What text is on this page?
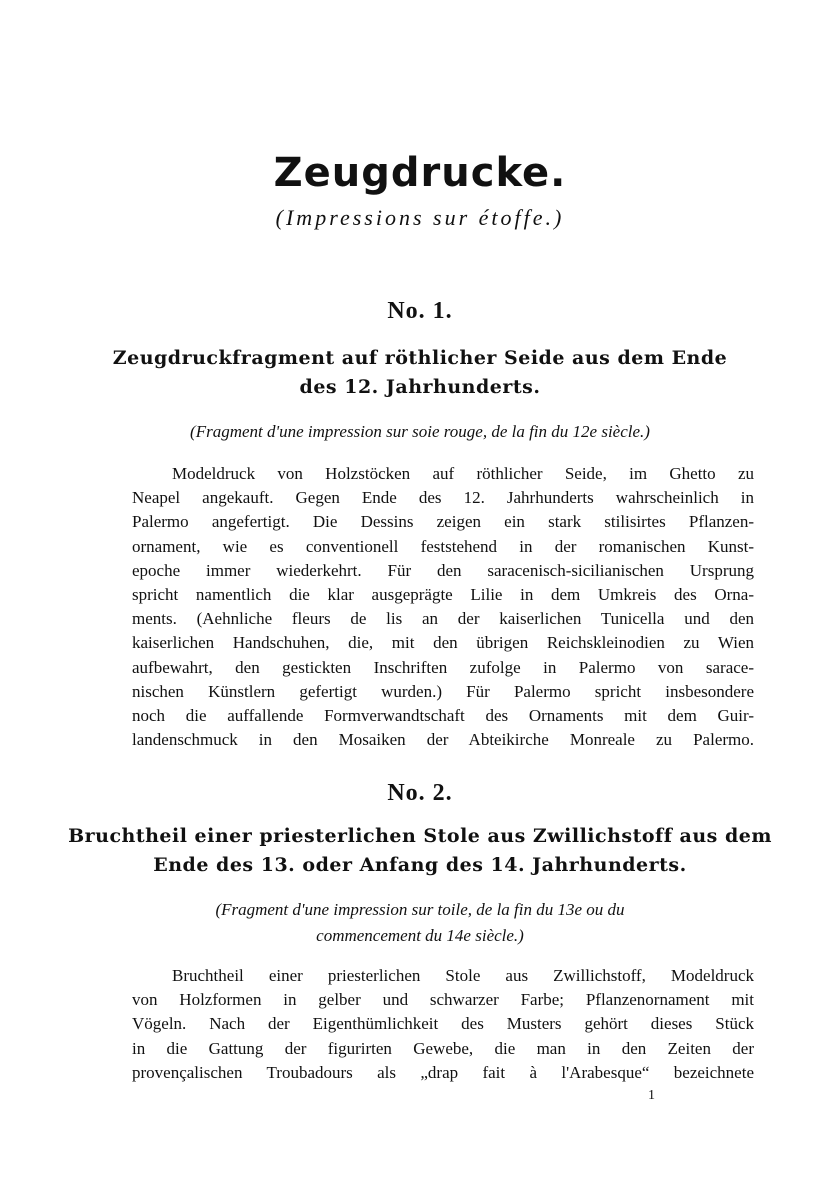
Zeugdrucke.
(Impressions sur étoffe.)
No. 1.
Zeugdruckfragment auf röthlicher Seide aus dem Ende
des 12. Jahrhunderts.
(Fragment d'une impression sur soie rouge, de la fin du 12e siècle.)
Modeldruck von Holzstöcken auf röthlicher Seide, im Ghetto zu
Neapel angekauft. Gegen Ende des 12. Jahrhunderts wahrscheinlich in
Palermo angefertigt. Die Dessins zeigen ein stark stilisirtes Pflanzen-
ornament, wie es conventionell feststehend in der romanischen Kunst-
epoche immer wiederkehrt. Für den saracenisch-sicilianischen Ursprung
spricht namentlich die klar ausgeprägte Lilie in dem Umkreis des Orna-
ments. (Aehnliche fleurs de lis an der kaiserlichen Tunicella und den
kaiserlichen Handschuhen, die, mit den übrigen Reichskleinodien zu Wien
aufbewahrt, den gestickten Inschriften zufolge in Palermo von sarace-
nischen Künstlern gefertigt wurden.) Für Palermo spricht insbesondere
noch die auffallende Formverwandtschaft des Ornaments mit dem Guir-
landenschmuck in den Mosaiken der Abteikirche Monreale zu Palermo.
No. 2.
Bruchtheil einer priesterlichen Stole aus Zwillichstoff aus dem
Ende des 13. oder Anfang des 14. Jahrhunderts.
(Fragment d'une impression sur toile, de la fin du 13e ou du
commencement du 14e siècle.)
Bruchtheil einer priesterlichen Stole aus Zwillichstoff, Modeldruck
von Holzformen in gelber und schwarzer Farbe; Pflanzenornament mit
Vögeln. Nach der Eigenthümlichkeit des Musters gehört dieses Stück
in die Gattung der figurirten Gewebe, die man in den Zeiten der
provençalischen Troubadours als „drap fait à l'Arabesque“ bezeichnete
1
